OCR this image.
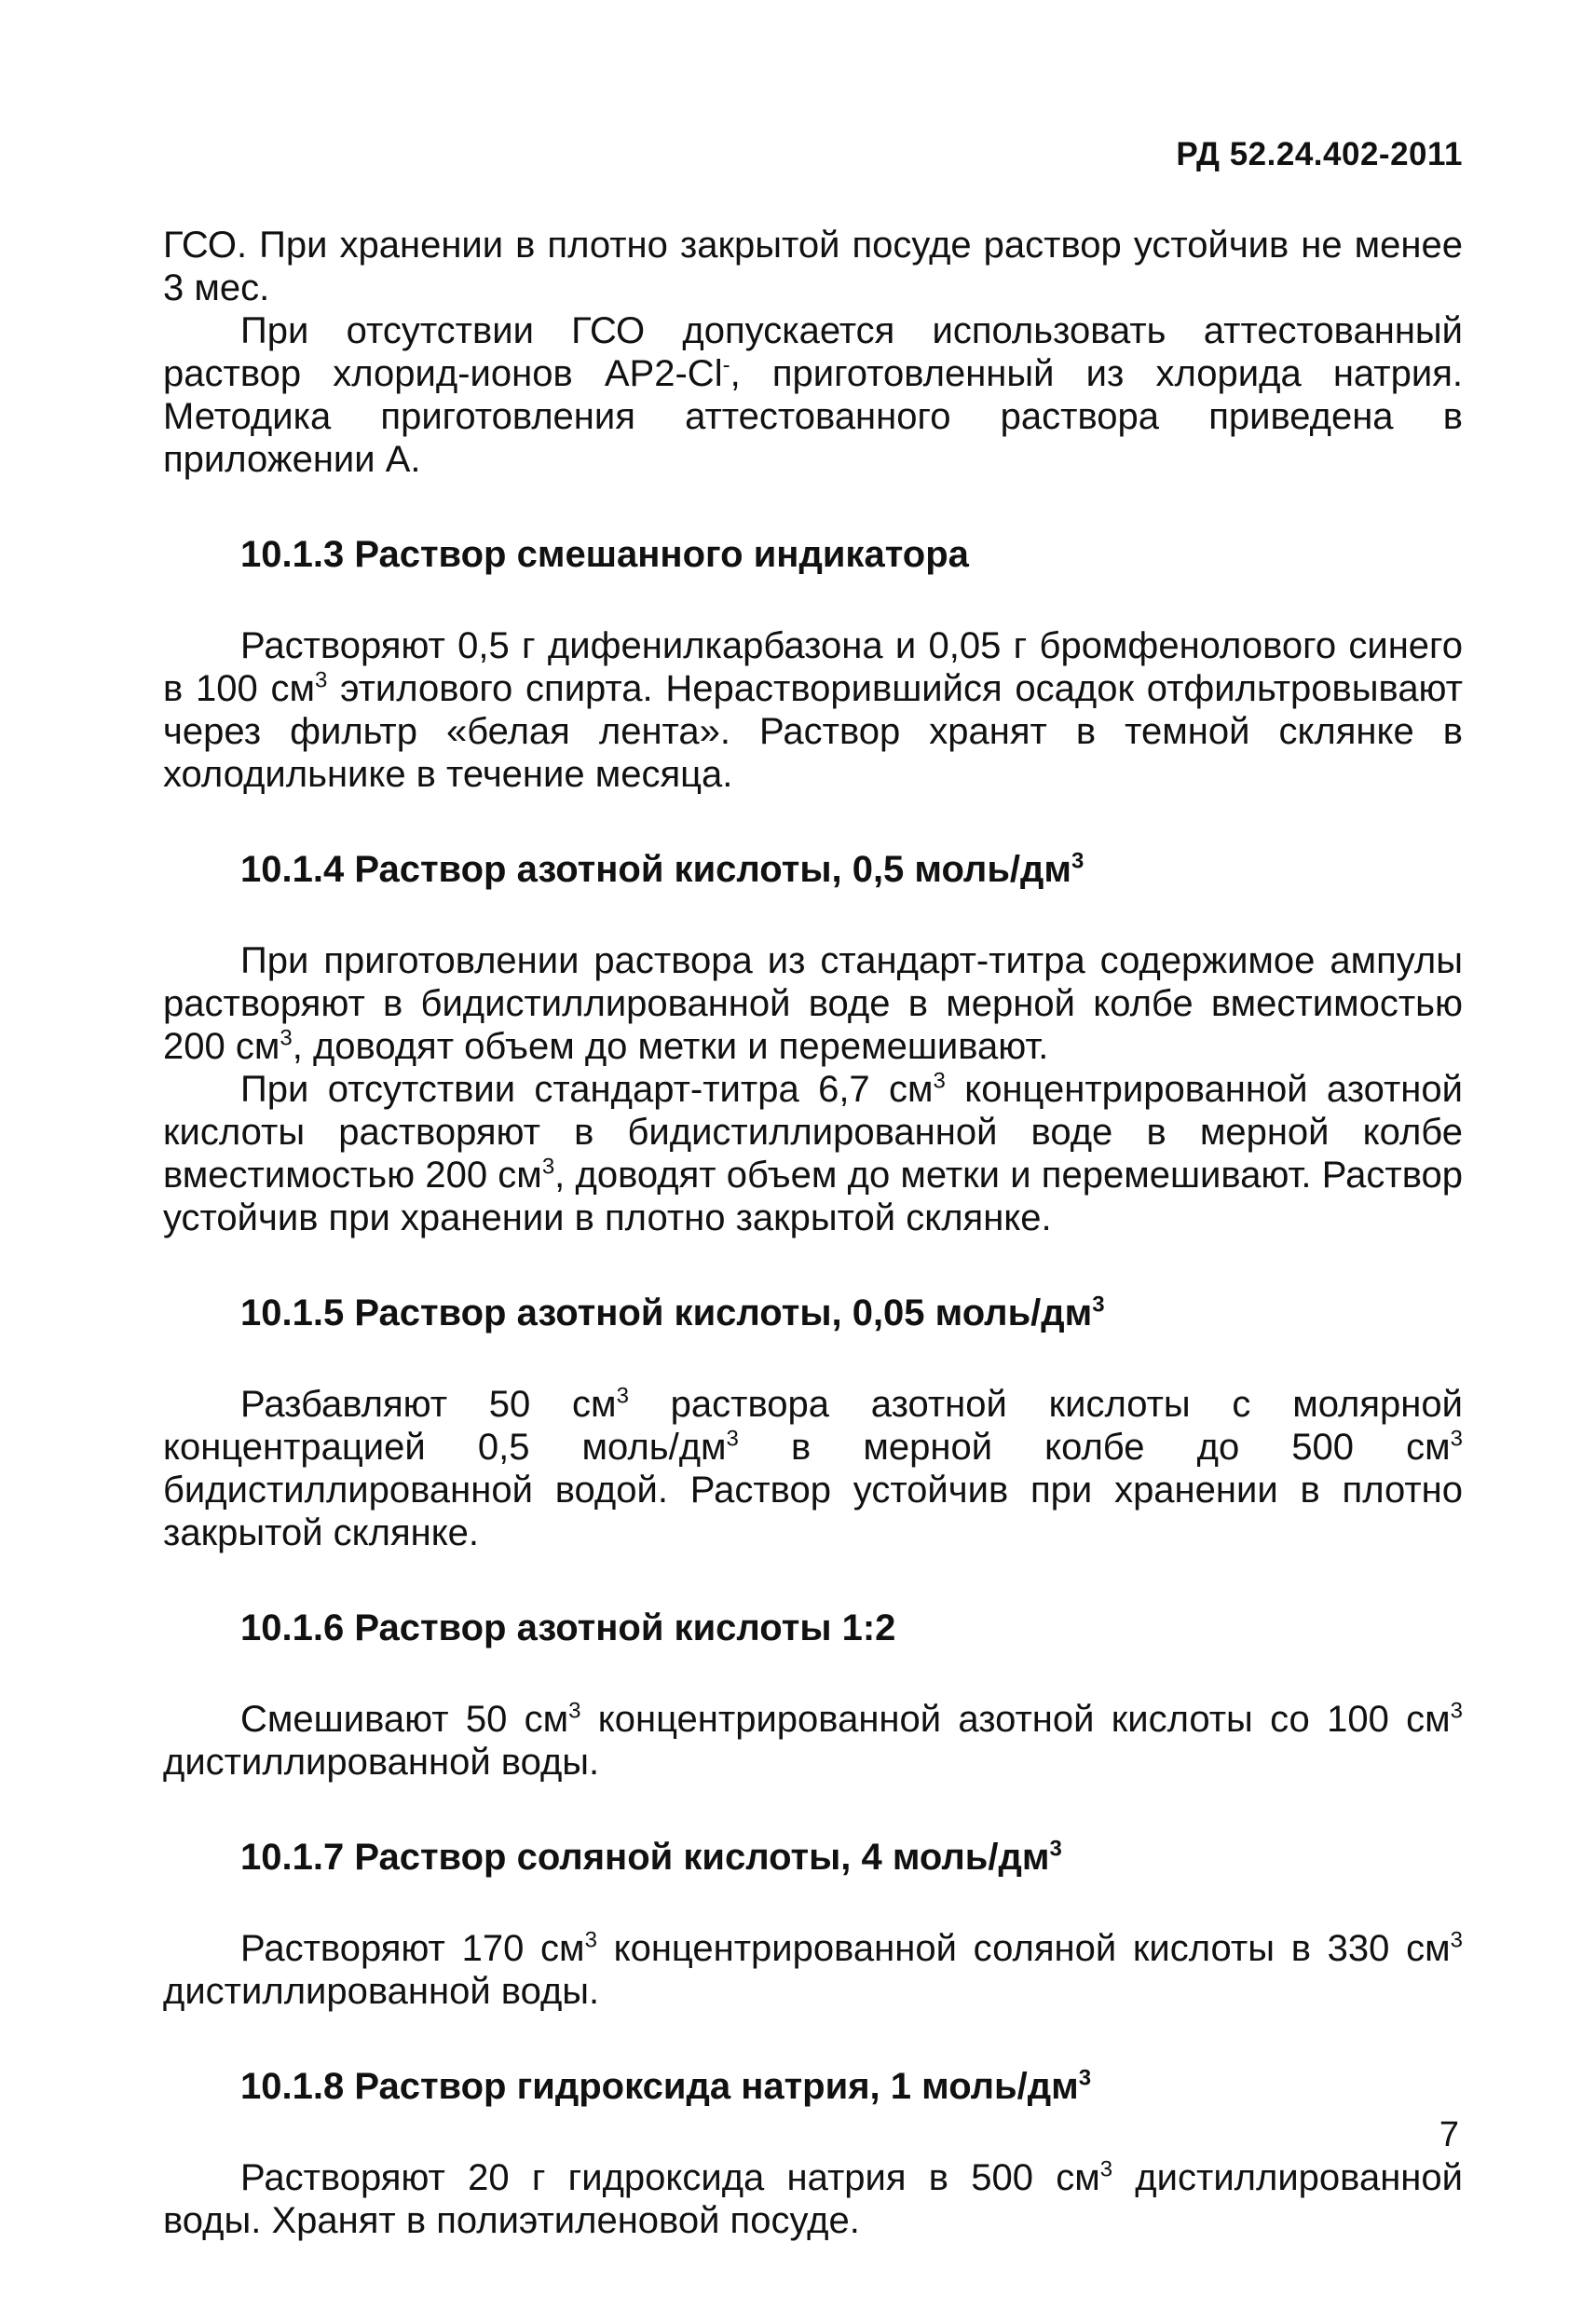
РД 52.24.402-2011

ГСО. При хранении в плотно закрытой посуде раствор устойчив не менее 3 мес.

При отсутствии ГСО допускается использовать аттестованный раствор хлорид-ионов АР2-Cl-, приготовленный из хлорида натрия. Методика приготовления аттестованного раствора приведена в приложении А.

10.1.3 Раствор смешанного индикатора

Растворяют 0,5 г дифенилкарбазона и 0,05 г бромфенолового синего в 100 $см^3$ этилового спирта. Нерастворившийся осадок отфильтровывают через фильтр «белая лента». Раствор хранят в темной склянке в холодильнике в течение месяца.

10.1.4 Раствор азотной кислоты, 0,5 моль/$дм^3$

При приготовлении раствора из стандарт-титра содержимое ампулы растворяют в бидистиллированной воде в мерной колбе вместимостью 200 $см^3$, доводят объем до метки и перемешивают.

При отсутствии стандарт-титра 6,7 $см^3$ концентрированной азотной кислоты растворяют в бидистиллированной воде в мерной колбе вместимостью 200 $см^3$, доводят объем до метки и перемешивают. Раствор устойчив при хранении в плотно закрытой склянке.

10.1.5 Раствор азотной кислоты, 0,05 моль/$дм^3$

Разбавляют 50 $см^3$ раствора азотной кислоты с молярной концентрацией 0,5 моль/$дм^3$ в мерной колбе до 500 $см^3$ бидистиллированной водой. Раствор устойчив при хранении в плотно закрытой склянке.

10.1.6 Раствор азотной кислоты 1:2

Смешивают 50 $см^3$ концентрированной азотной кислоты со 100 $см^3$ дистиллированной воды.

10.1.7 Раствор соляной кислоты, 4 моль/$дм^3$

Растворяют 170 $см^3$ концентрированной соляной кислоты в 330 $см^3$ дистиллированной воды.

10.1.8 Раствор гидроксида натрия, 1 моль/$дм^3$

Растворяют 20 г гидроксида натрия в 500 $см^3$ дистиллированной воды. Хранят в полиэтиленовой посуде.

7
